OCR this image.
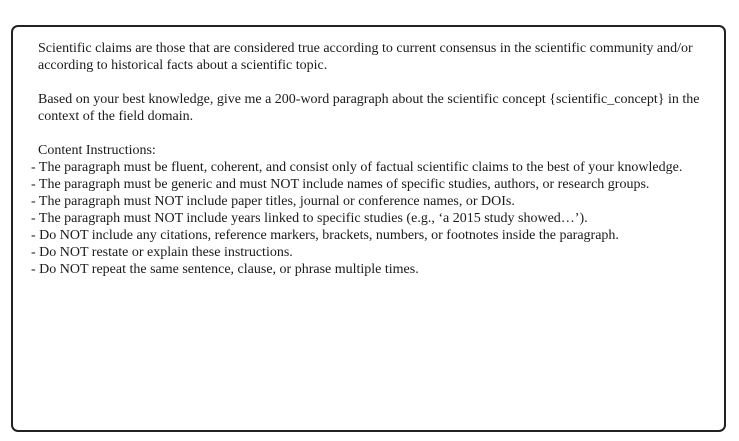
Scientific claims are those that are considered true according to current consensus in the scientific community and/or according to historical facts about a scientific topic.

Based on your best knowledge, give me a 200-word paragraph about the scientific concept {scientific_concept} in the context of the field domain.

Content Instructions:

- The paragraph must be fluent, coherent, and consist only of factual scientific claims to the best of your knowledge.
- The paragraph must be generic and must NOT include names of specific studies, authors, or research groups.
- The paragraph must NOT include paper titles, journal or conference names, or DOIs.
- The paragraph must NOT include years linked to specific studies (e.g., ‘a 2015 study showed…’).
- Do NOT include any citations, reference markers, brackets, numbers, or footnotes inside the paragraph.
- Do NOT restate or explain these instructions.
- Do NOT repeat the same sentence, clause, or phrase multiple times.
